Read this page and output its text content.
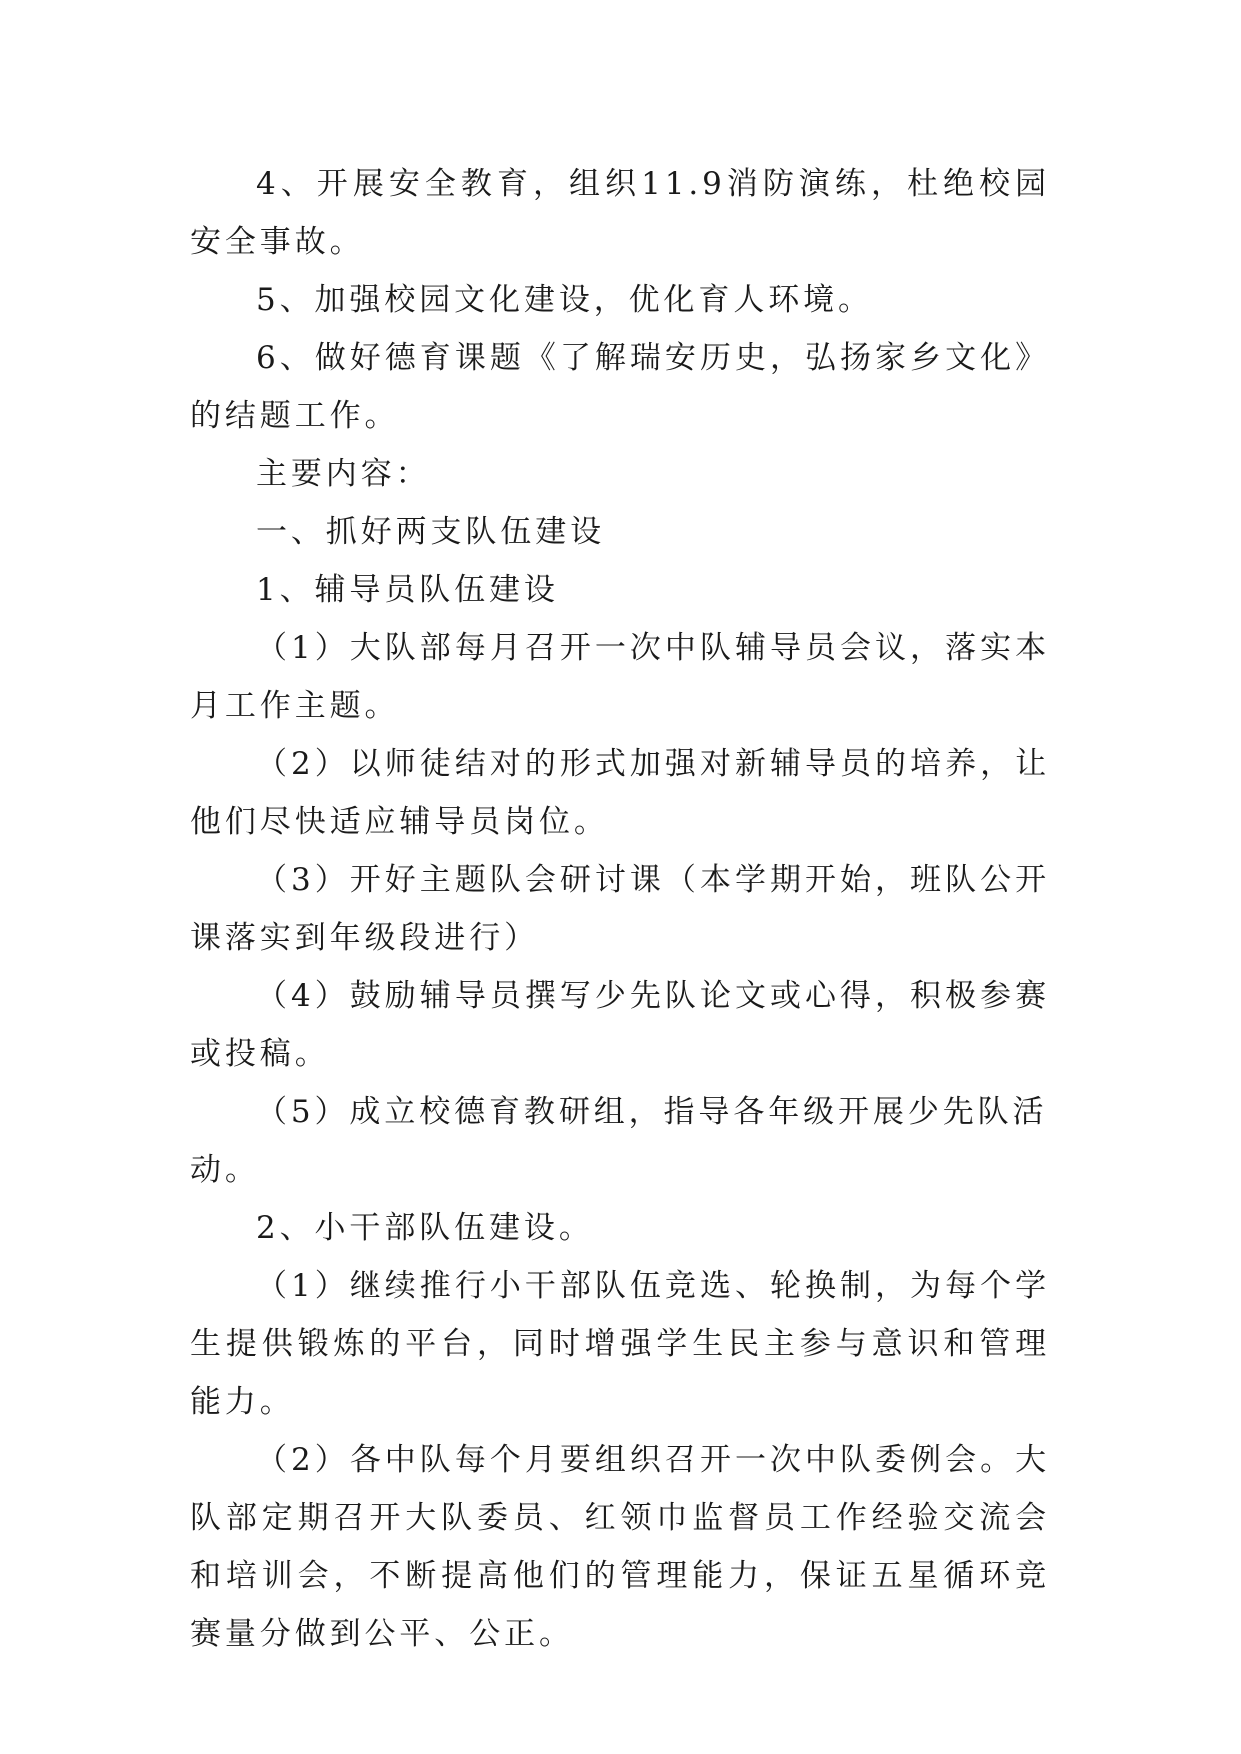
4、开展安全教育，组织11.9消防演练，杜绝校园安全事故。

5、加强校园文化建设，优化育人环境。

6、做好德育课题《了解瑞安历史，弘扬家乡文化》的结题工作。

主要内容：

一、抓好两支队伍建设

1、辅导员队伍建设

（1）大队部每月召开一次中队辅导员会议，落实本月工作主题。

（2）以师徒结对的形式加强对新辅导员的培养，让他们尽快适应辅导员岗位。

（3）开好主题队会研讨课（本学期开始，班队公开课落实到年级段进行）

（4）鼓励辅导员撰写少先队论文或心得，积极参赛或投稿。

（5）成立校德育教研组，指导各年级开展少先队活动。

2、小干部队伍建设。

（1）继续推行小干部队伍竞选、轮换制，为每个学生提供锻炼的平台，同时增强学生民主参与意识和管理能力。

（2）各中队每个月要组织召开一次中队委例会。大队部定期召开大队委员、红领巾监督员工作经验交流会和培训会，不断提高他们的管理能力，保证五星循环竞赛量分做到公平、公正。
